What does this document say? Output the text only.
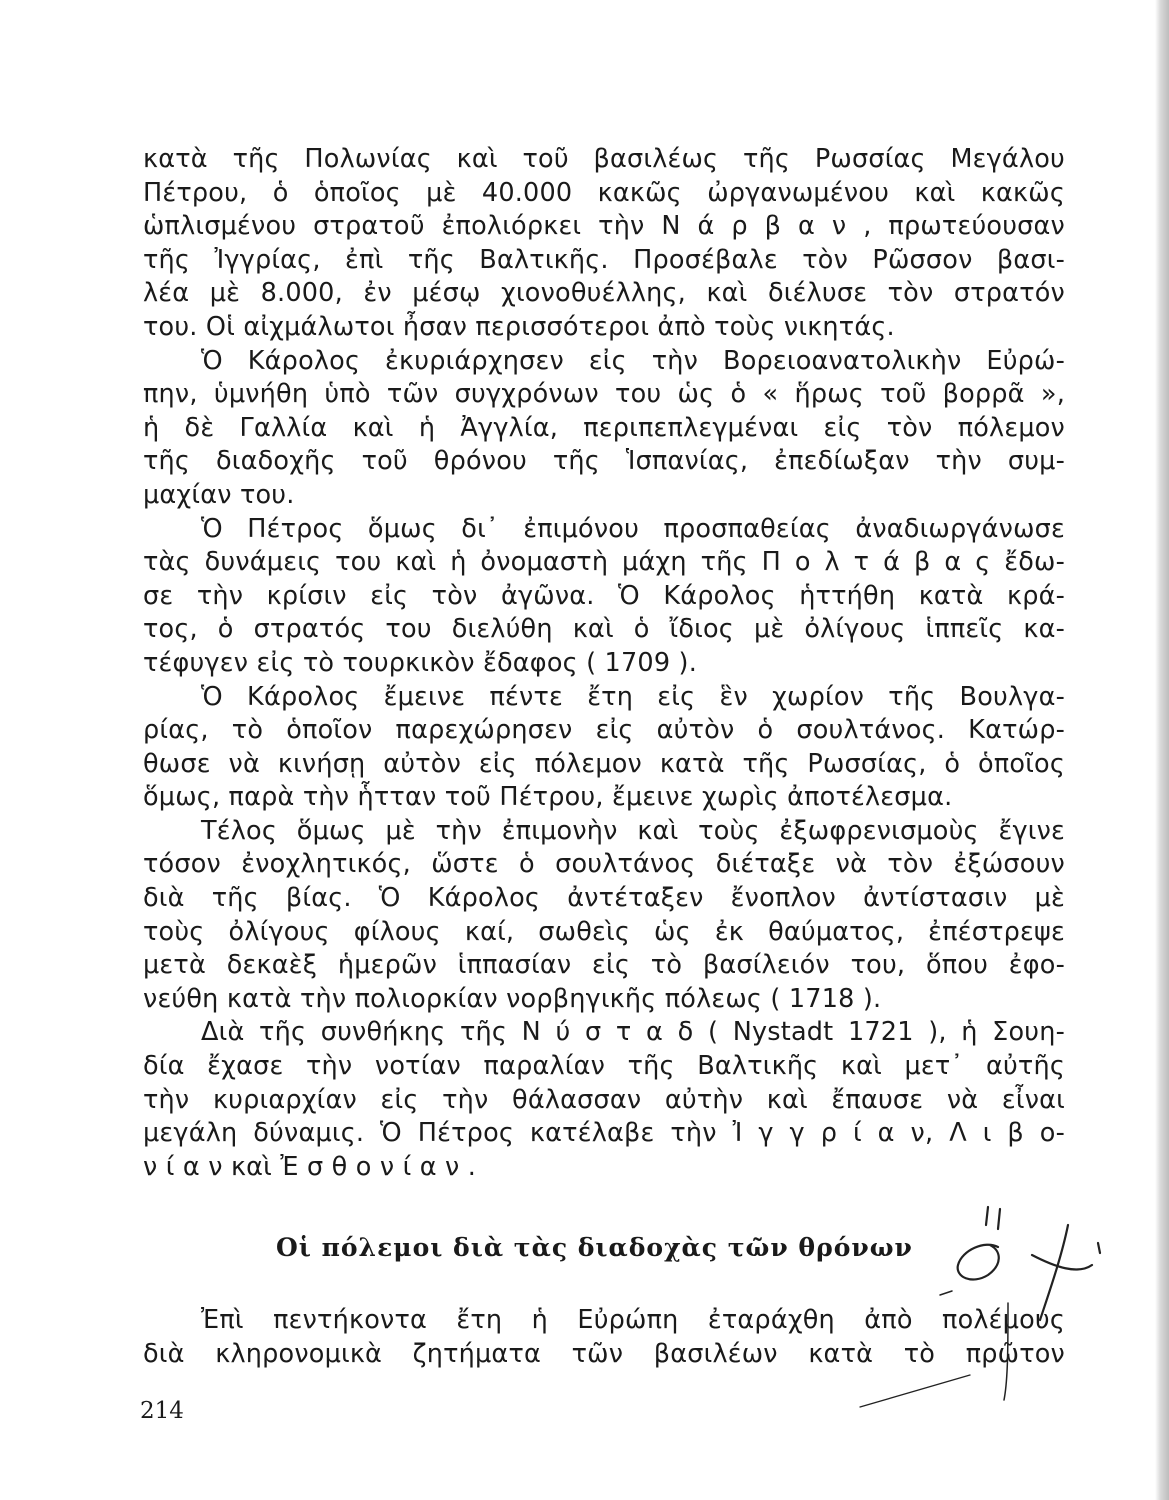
κατὰ τῆς Πολωνίας καὶ τοῦ βασιλέως τῆς Ρωσσίας Μεγάλου
Πέτρου, ὁ ὁποῖος μὲ 40.000 κακῶς ὠργανωμένου καὶ κακῶς
ὡπλισμένου στρατοῦ ἐπολιόρκει τὴν Ν ά ρ β α ν , πρωτεύουσαν
τῆς Ἰγγρίας, ἐπὶ τῆς Βαλτικῆς. Προσέβαλε τὸν Ρῶσσον βασι-
λέα μὲ 8.000, ἐν μέσῳ χιονοθυέλλης, καὶ διέλυσε τὸν στρατόν
του. Οἱ αἰχμάλωτοι ἦσαν περισσότεροι ἀπὸ τοὺς νικητάς.
Ὁ Κάρολος ἐκυριάρχησεν εἰς τὴν Βορειοανατολικὴν Εὐρώ-
πην, ὑμνήθη ὑπὸ τῶν συγχρόνων του ὡς ὁ « ἥρως τοῦ βορρᾶ »,
ἡ δὲ Γαλλία καὶ ἡ Ἀγγλία, περιπεπλεγμέναι εἰς τὸν πόλεμον
τῆς διαδοχῆς τοῦ θρόνου τῆς Ἱσπανίας, ἐπεδίωξαν τὴν συμ-
μαχίαν του.
Ὁ Πέτρος ὅμως δι᾿ ἐπιμόνου προσπαθείας ἀναδιωργάνωσε
τὰς δυνάμεις του καὶ ἡ ὀνομαστὴ μάχη τῆς Π ο λ τ ά β α ς ἔδω-
σε τὴν κρίσιν εἰς τὸν ἀγῶνα. Ὁ Κάρολος ἡττήθη κατὰ κρά-
τος, ὁ στρατός του διελύθη καὶ ὁ ἴδιος μὲ ὀλίγους ἱππεῖς κα-
τέφυγεν εἰς τὸ τουρκικὸν ἔδαφος ( 1709 ).
Ὁ Κάρολος ἔμεινε πέντε ἔτη εἰς ἓν χωρίον τῆς Βουλγα-
ρίας, τὸ ὁποῖον παρεχώρησεν εἰς αὐτὸν ὁ σουλτάνος. Κατώρ-
θωσε νὰ κινήσῃ αὐτὸν εἰς πόλεμον κατὰ τῆς Ρωσσίας, ὁ ὁποῖος
ὅμως, παρὰ τὴν ἧτταν τοῦ Πέτρου, ἔμεινε χωρὶς ἀποτέλεσμα.
Τέλος ὅμως μὲ τὴν ἐπιμονὴν καὶ τοὺς ἐξωφρενισμοὺς ἔγινε
τόσον ἐνοχλητικός, ὥστε ὁ σουλτάνος διέταξε νὰ τὸν ἐξώσουν
διὰ τῆς βίας. Ὁ Κάρολος ἀντέταξεν ἔνοπλον ἀντίστασιν μὲ
τοὺς ὀλίγους φίλους καί, σωθεὶς ὡς ἐκ θαύματος, ἐπέστρεψε
μετὰ δεκαὲξ ἡμερῶν ἱππασίαν εἰς τὸ βασίλειόν του, ὅπου ἐφο-
νεύθη κατὰ τὴν πολιορκίαν νορβηγικῆς πόλεως ( 1718 ).
Διὰ τῆς συνθήκης τῆς Ν ύ σ τ α δ ( Nystadt 1721 ), ἡ Σουη-
δία ἔχασε τὴν νοτίαν παραλίαν τῆς Βαλτικῆς καὶ μετ᾿ αὐτῆς
τὴν κυριαρχίαν εἰς τὴν θάλασσαν αὐτὴν καὶ ἔπαυσε νὰ εἶναι
μεγάλη δύναμις. Ὁ Πέτρος κατέλαβε τὴν Ἰ γ γ ρ ί α ν, Λ ι β ο-
ν ί α ν καὶ Ἐ σ θ ο ν ί α ν .
Οἱ πόλεμοι διὰ τὰς διαδοχὰς τῶν θρόνων
Ἐπὶ πεντήκοντα ἔτη ἡ Εὐρώπη ἐταράχθη ἀπὸ πολέμους
διὰ κληρονομικὰ ζητήματα τῶν βασιλέων κατὰ τὸ πρῶτον
214
